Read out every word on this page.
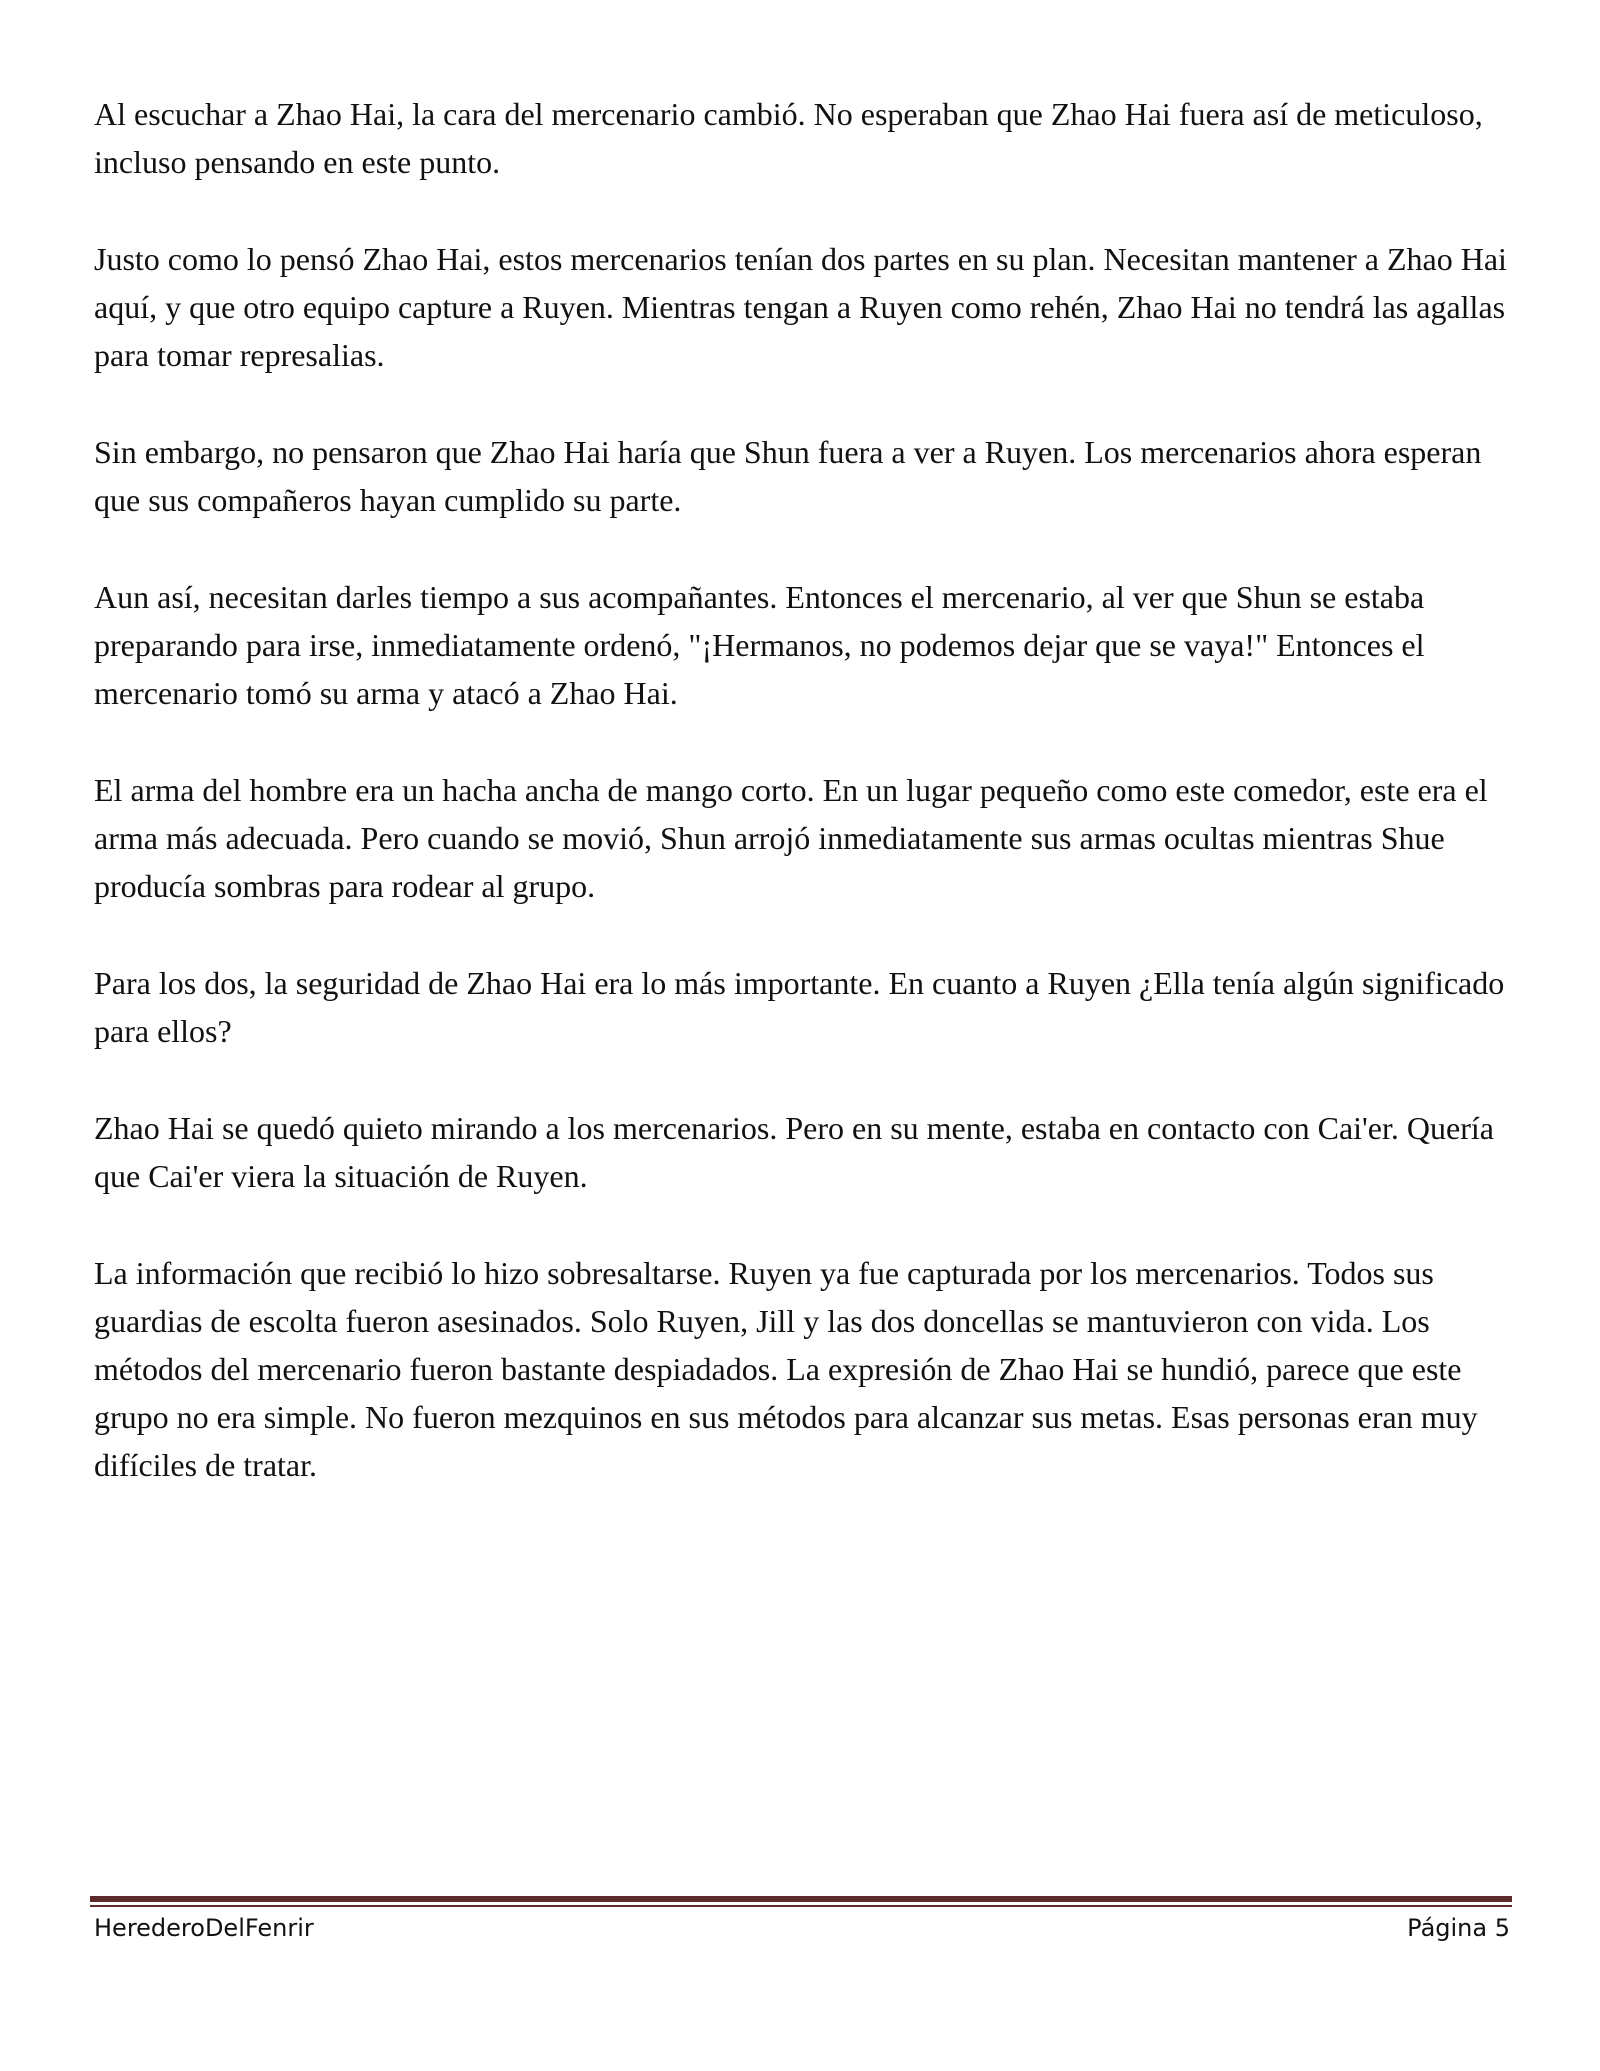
Al escuchar a Zhao Hai, la cara del mercenario cambió. No esperaban que Zhao Hai fuera así de meticuloso, incluso pensando en este punto.

Justo como lo pensó Zhao Hai, estos mercenarios tenían dos partes en su plan. Necesitan mantener a Zhao Hai aquí, y que otro equipo capture a Ruyen. Mientras tengan a Ruyen como rehén, Zhao Hai no tendrá las agallas para tomar represalias.

Sin embargo, no pensaron que Zhao Hai haría que Shun fuera a ver a Ruyen. Los mercenarios ahora esperan que sus compañeros hayan cumplido su parte.

Aun así, necesitan darles tiempo a sus acompañantes. Entonces el mercenario, al ver que Shun se estaba preparando para irse, inmediatamente ordenó, "¡Hermanos, no podemos dejar que se vaya!" Entonces el mercenario tomó su arma y atacó a Zhao Hai.

El arma del hombre era un hacha ancha de mango corto. En un lugar pequeño como este comedor, este era el arma más adecuada. Pero cuando se movió, Shun arrojó inmediatamente sus armas ocultas mientras Shue producía sombras para rodear al grupo.

Para los dos, la seguridad de Zhao Hai era lo más importante. En cuanto a Ruyen ¿Ella tenía algún significado para ellos?

Zhao Hai se quedó quieto mirando a los mercenarios. Pero en su mente, estaba en contacto con Cai'er. Quería que Cai'er viera la situación de Ruyen.

La información que recibió lo hizo sobresaltarse. Ruyen ya fue capturada por los mercenarios. Todos sus guardias de escolta fueron asesinados. Solo Ruyen, Jill y las dos doncellas se mantuvieron con vida. Los métodos del mercenario fueron bastante despiadados. La expresión de Zhao Hai se hundió, parece que este grupo no era simple. No fueron mezquinos en sus métodos para alcanzar sus metas. Esas personas eran muy difíciles de tratar.

HerederoDelFenrir	Página 5
